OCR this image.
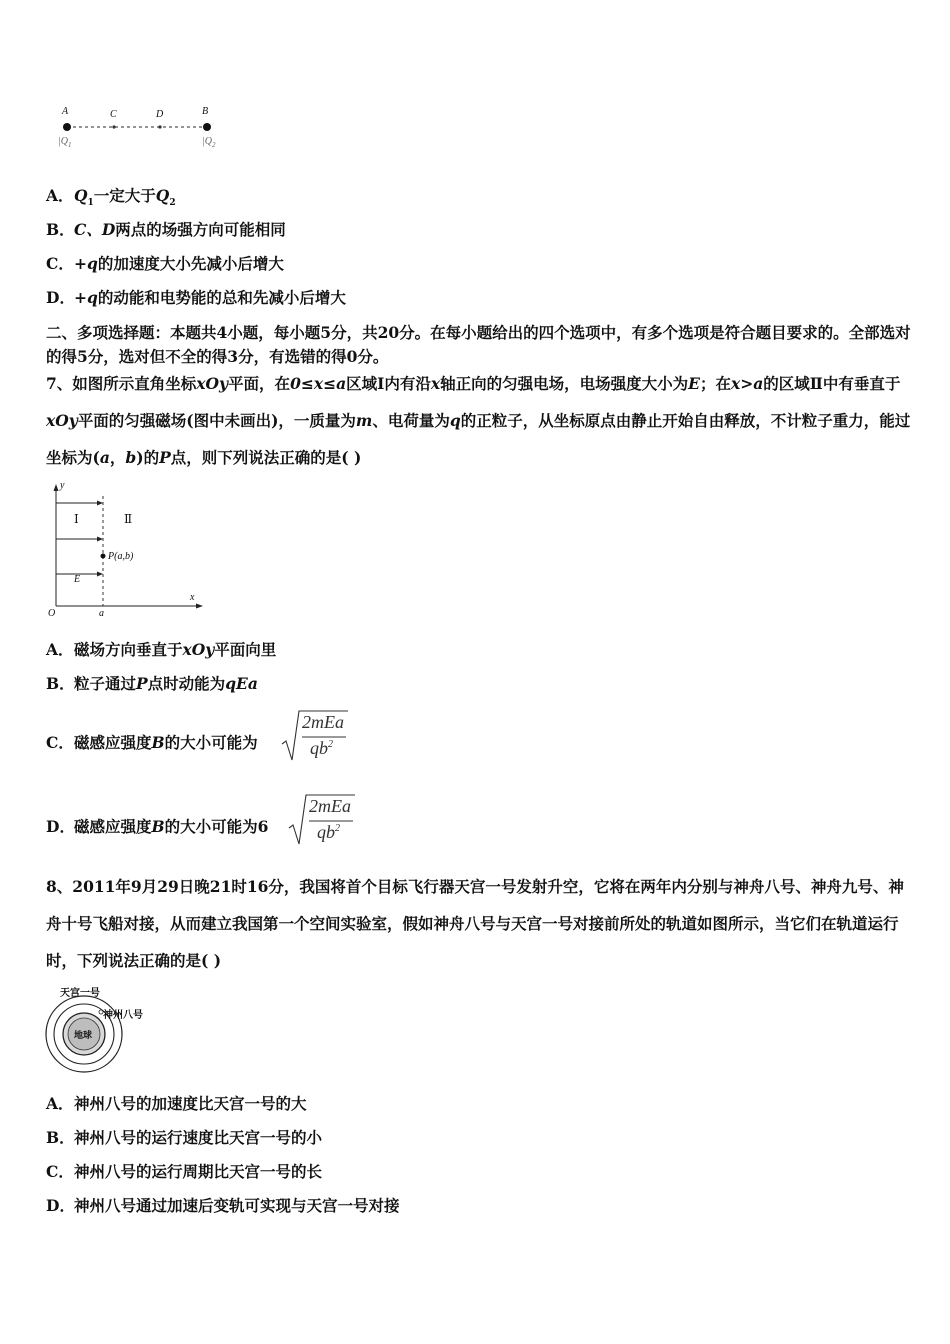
A	C	D	B
$|Q_1$	$|Q_2$
A．$Q_1$一定大于$Q_2$
B．C、D两点的场强方向可能相同
C．+q的加速度大小先减小后增大
D．+q的动能和电势能的总和先减小后增大
二、多项选择题：本题共4小题，每小题5分，共20分。在每小题给出的四个选项中，有多个选项是符合题目要求的。全部选对的得5分，选对但不全的得3分，有选错的得0分。
7、如图所示直角坐标xOy平面，在0≤x≤a区域Ⅰ内有沿x轴正向的匀强电场，电场强度大小为E；在x>a的区域Ⅱ中有垂直于xOy平面的匀强磁场(图中未画出)，一质量为m、电荷量为q的正粒子，从坐标原点由静止开始自由释放，不计粒子重力，能过坐标为(a，b)的P点，则下列说法正确的是( )
y
x
O	a
Ⅰ	Ⅱ
E
P(a,b)
A．磁场方向垂直于xOy平面向里
B．粒子通过P点时动能为qEa
C．磁感应强度B的大小可能为
2mEa
$qb^2$
D．磁感应强度B的大小可能为6
2mEa
$qb^2$
8、2011年9月29日晚21时16分，我国将首个目标飞行器天宫一号发射升空，它将在两年内分别与神舟八号、神舟九号、神舟十号飞船对接，从而建立我国第一个空间实验室，假如神舟八号与天宫一号对接前所处的轨道如图所示，当它们在轨道运行时，下列说法正确的是( )
天宫一号
神州八号
地球
A．神州八号的加速度比天宫一号的大
B．神州八号的运行速度比天宫一号的小
C．神州八号的运行周期比天宫一号的长
D．神州八号通过加速后变轨可实现与天宫一号对接
